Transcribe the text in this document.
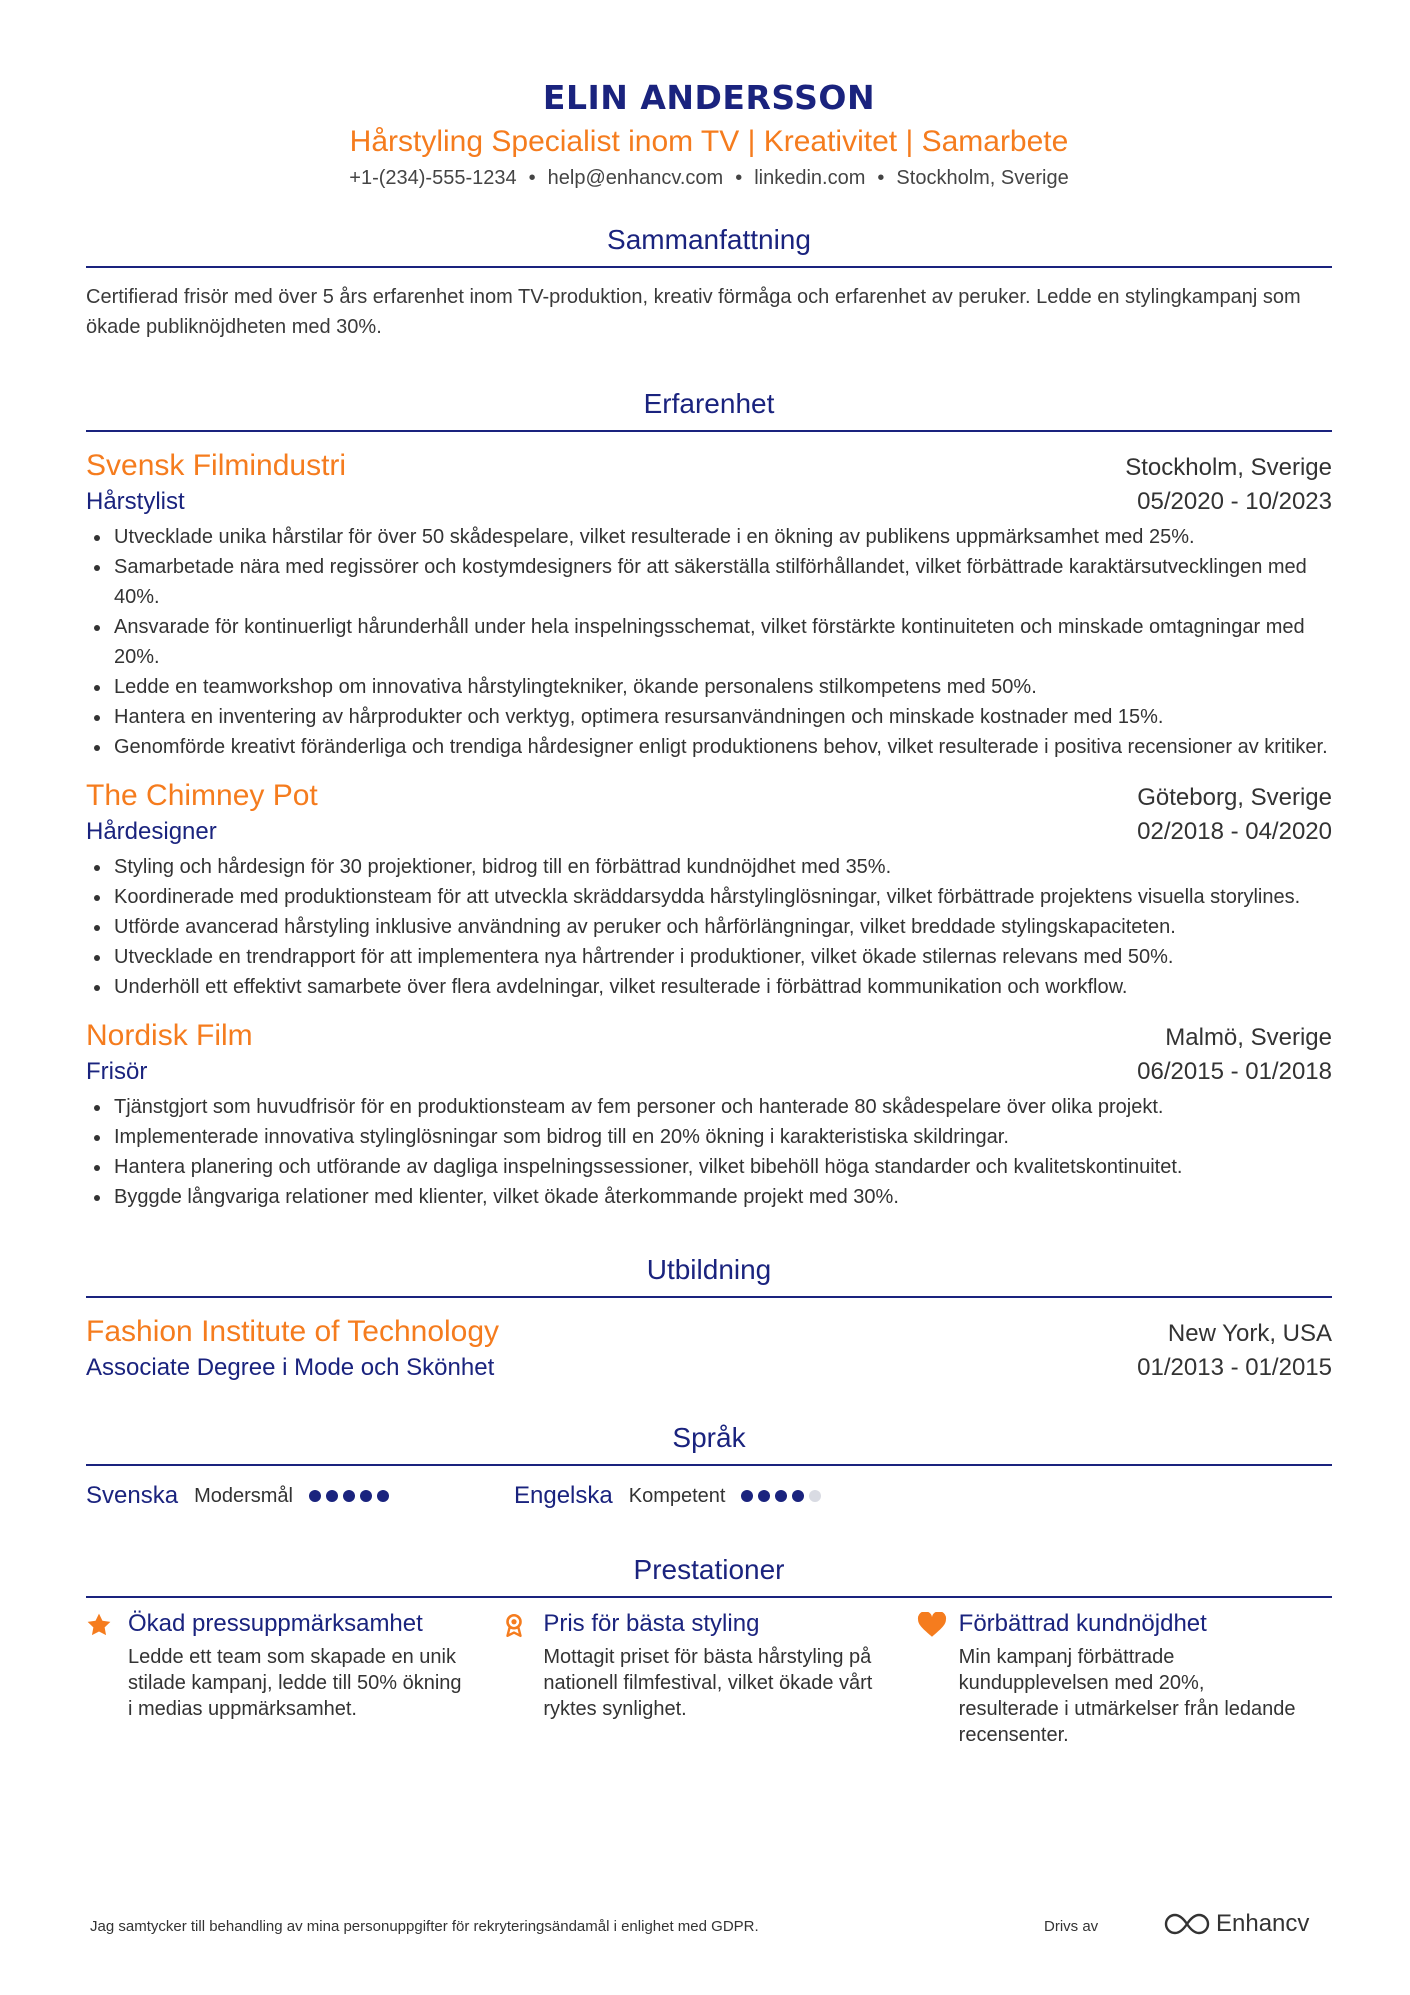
ELIN ANDERSSON
Hårstyling Specialist inom TV | Kreativitet | Samarbete
+1-(234)-555-1234 • help@enhancv.com • linkedin.com • Stockholm, Sverige
Sammanfattning
Certifierad frisör med över 5 års erfarenhet inom TV-produktion, kreativ förmåga och erfarenhet av peruker. Ledde en stylingkampanj som ökade publiknöjdheten med 30%.
Erfarenhet
Svensk Filmindustri	Stockholm, Sverige
Hårstylist	05/2020 - 10/2023
Utvecklade unika hårstilar för över 50 skådespelare, vilket resulterade i en ökning av publikens uppmärksamhet med 25%.
Samarbetade nära med regissörer och kostymdesigners för att säkerställa stilförhållandet, vilket förbättrade karaktärsutvecklingen med 40%.
Ansvarade för kontinuerligt hårunderhåll under hela inspelningsschemat, vilket förstärkte kontinuiteten och minskade omtagningar med 20%.
Ledde en teamworkshop om innovativa hårstylingtekniker, ökande personalens stilkompetens med 50%.
Hantera en inventering av hårprodukter och verktyg, optimera resursanvändningen och minskade kostnader med 15%.
Genomförde kreativt föränderliga och trendiga hårdesigner enligt produktionens behov, vilket resulterade i positiva recensioner av kritiker.
The Chimney Pot	Göteborg, Sverige
Hårdesigner	02/2018 - 04/2020
Styling och hårdesign för 30 projektioner, bidrog till en förbättrad kundnöjdhet med 35%.
Koordinerade med produktionsteam för att utveckla skräddarsydda hårstylinglösningar, vilket förbättrade projektens visuella storylines.
Utförde avancerad hårstyling inklusive användning av peruker och hårförlängningar, vilket breddade stylingskapaciteten.
Utvecklade en trendrapport för att implementera nya hårtrender i produktioner, vilket ökade stilernas relevans med 50%.
Underhöll ett effektivt samarbete över flera avdelningar, vilket resulterade i förbättrad kommunikation och workflow.
Nordisk Film	Malmö, Sverige
Frisör	06/2015 - 01/2018
Tjänstgjort som huvudfrisör för en produktionsteam av fem personer och hanterade 80 skådespelare över olika projekt.
Implementerade innovativa stylinglösningar som bidrog till en 20% ökning i karakteristiska skildringar.
Hantera planering och utförande av dagliga inspelningssessioner, vilket bibehöll höga standarder och kvalitetskontinuitet.
Byggde långvariga relationer med klienter, vilket ökade återkommande projekt med 30%.
Utbildning
Fashion Institute of Technology	New York, USA
Associate Degree i Mode och Skönhet	01/2013 - 01/2015
Språk
Svenska Modersmål	Engelska Kompetent
Prestationer
Ökad pressuppmärksamhet
Ledde ett team som skapade en unik stilade kampanj, ledde till 50% ökning i medias uppmärksamhet.
Pris för bästa styling
Mottagit priset för bästa hårstyling på nationell filmfestival, vilket ökade vårt ryktes synlighet.
Förbättrad kundnöjdhet
Min kampanj förbättrade kundupplevelsen med 20%, resulterade i utmärkelser från ledande recensenter.
Jag samtycker till behandling av mina personuppgifter för rekryteringsändamål i enlighet med GDPR.	Drivs av	Enhancv
